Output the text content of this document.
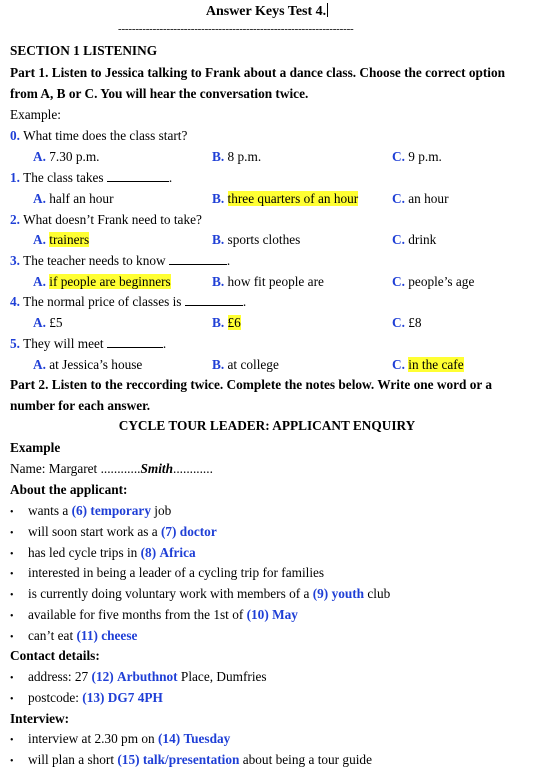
Answer Keys Test 4.
--------------------------------------------------------------------
SECTION 1 LISTENING
Part 1. Listen to Jessica talking to Frank about a dance class. Choose the correct option
from A, B or C. You will hear the conversation twice.
Example:
0. What time does the class start?
A. 7.30 p.m.	B. 8 p.m.	C. 9 p.m.
1. The class takes	.
A. half an hour	B. three quarters of an hour	C. an hour
2. What doesn’t Frank need to take?
A. trainers	B. sports clothes	C. drink
3. The teacher needs to know	.
A. if people are beginners	B. how fit people are	C. people’s age
4. The normal price of classes is	.
A. £5	B. £6	C. £8
5. They will meet	.
A. at Jessica’s house	B. at college	C. in the cafe
Part 2. Listen to the reccording twice. Complete the notes below. Write one word or a
number for each answer.
CYCLE TOUR LEADER: APPLICANT ENQUIRY
Example
Name: Margaret ............Smith............
About the applicant:
• wants a (6) temporary job
• will soon start work as a (7) doctor
• has led cycle trips in (8) Africa
• interested in being a leader of a cycling trip for families
• is currently doing voluntary work with members of a (9) youth club
• available for five months from the 1st of (10) May
• can’t eat (11) cheese
Contact details:
• address: 27 (12) Arbuthnot Place, Dumfries
• postcode: (13) DG7 4PH
Interview:
• interview at 2.30 pm on (14) Tuesday
• will plan a short (15) talk/presentation about being a tour guide
